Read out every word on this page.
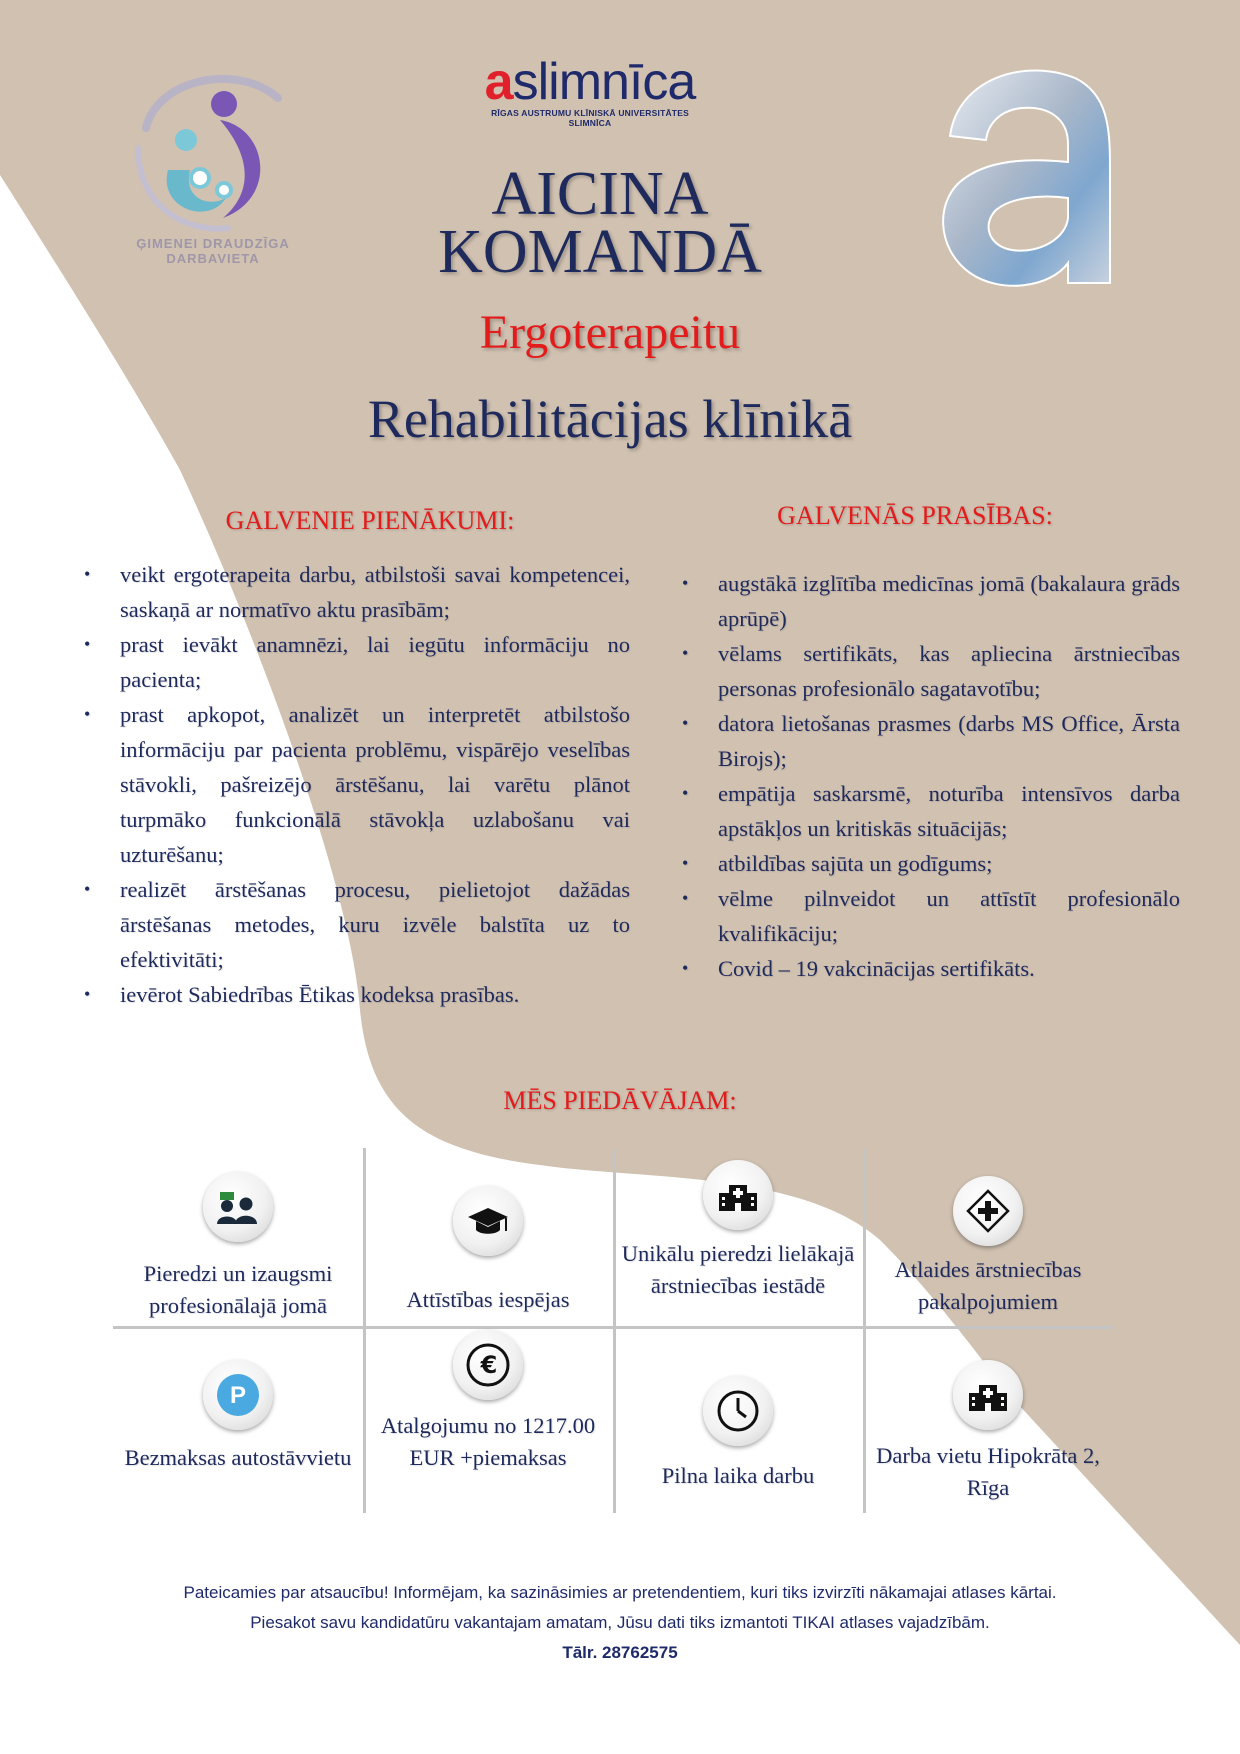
ĢIMENEI DRAUDZĪGA DARBAVIETA
aslimnīca
RĪGAS AUSTRUMU KLĪNISKĀ UNIVERSITĀTES SLIMNĪCA
AICINA
KOMANDĀ
Ergoterapeitu
Rehabilitācijas klīnikā
GALVENIE PIENĀKUMI:
• veikt ergoterapeita darbu, atbilstoši savai kompetencei, saskaņā ar normatīvo aktu prasībām;
• prast ievākt anamnēzi, lai iegūtu informāciju no pacienta;
• prast apkopot, analizēt un interpretēt atbilstošo informāciju par pacienta problēmu, vispārējo veselības stāvokli, pašreizējo ārstēšanu, lai varētu plānot turpmāko funkcionālā stāvokļa uzlabošanu vai uzturēšanu;
• realizēt ārstēšanas procesu, pielietojot dažādas ārstēšanas metodes, kuru izvēle balstīta uz to efektivitāti;
• ievērot Sabiedrības Ētikas kodeksa prasības.
GALVENĀS PRASĪBAS:
• augstākā izglītība medicīnas jomā (bakalaura grāds aprūpē)
• vēlams sertifikāts, kas apliecina ārstniecības personas profesionālo sagatavotību;
• datora lietošanas prasmes (darbs MS Office, Ārsta Birojs);
• empātija saskarsmē, noturība intensīvos darba apstākļos un kritiskās situācijās;
• atbildības sajūta un godīgums;
• vēlme pilnveidot un attīstīt profesionālo kvalifikāciju;
• Covid – 19 vakcinācijas sertifikāts.
MĒS PIEDĀVĀJAM:
Pieredzi un izaugsmi profesionālajā jomā	Attīstības iespējas
Unikālu pieredzi lielākajā ārstniecības iestādē
Atlaides ārstniecības pakalpojumiem
P
Bezmaksas autostāvvietu
€
Atalgojumu no 1217.00 EUR +piemaksas
Pilna laika darbu
Darba vietu Hipokrāta 2, Rīga
Pateicamies par atsaucību! Informējam, ka sazināsimies ar pretendentiem, kuri tiks izvirzīti nākamajai atlases kārtai.
Piesakot savu kandidatūru vakantajam amatam, Jūsu dati tiks izmantoti TIKAI atlases vajadzībām.
Tālr. 28762575
